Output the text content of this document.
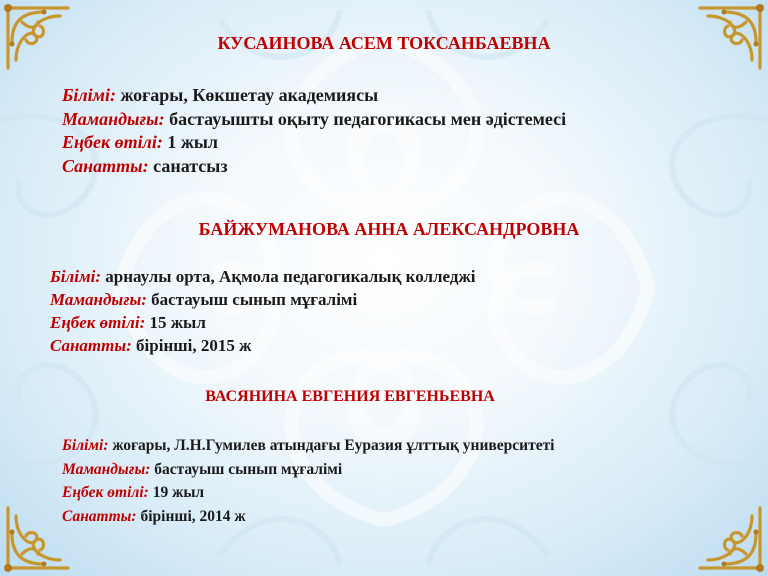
КУСАИНОВА АСЕМ ТОКСАНБАЕВНА
Білімі: жоғары, Көкшетау академиясы
Мамандығы: бастауышты оқыту педагогикасы мен әдістемесі
Еңбек өтілі: 1 жыл
Санатты: санатсыз
БАЙЖУМАНОВА АННА АЛЕКСАНДРОВНА
Білімі: арнаулы орта, Ақмола педагогикалық колледжі
Мамандығы: бастауыш сынып мұғалімі
Еңбек өтілі: 15 жыл
Санатты: бірінші, 2015 ж
ВАСЯНИНА ЕВГЕНИЯ ЕВГЕНЬЕВНА
Білімі: жоғары, Л.Н.Гумилев атындағы Еуразия ұлттық университеті
Мамандығы: бастауыш сынып мұғалімі
Еңбек өтілі: 19 жыл
Санатты: бірінші, 2014 ж
